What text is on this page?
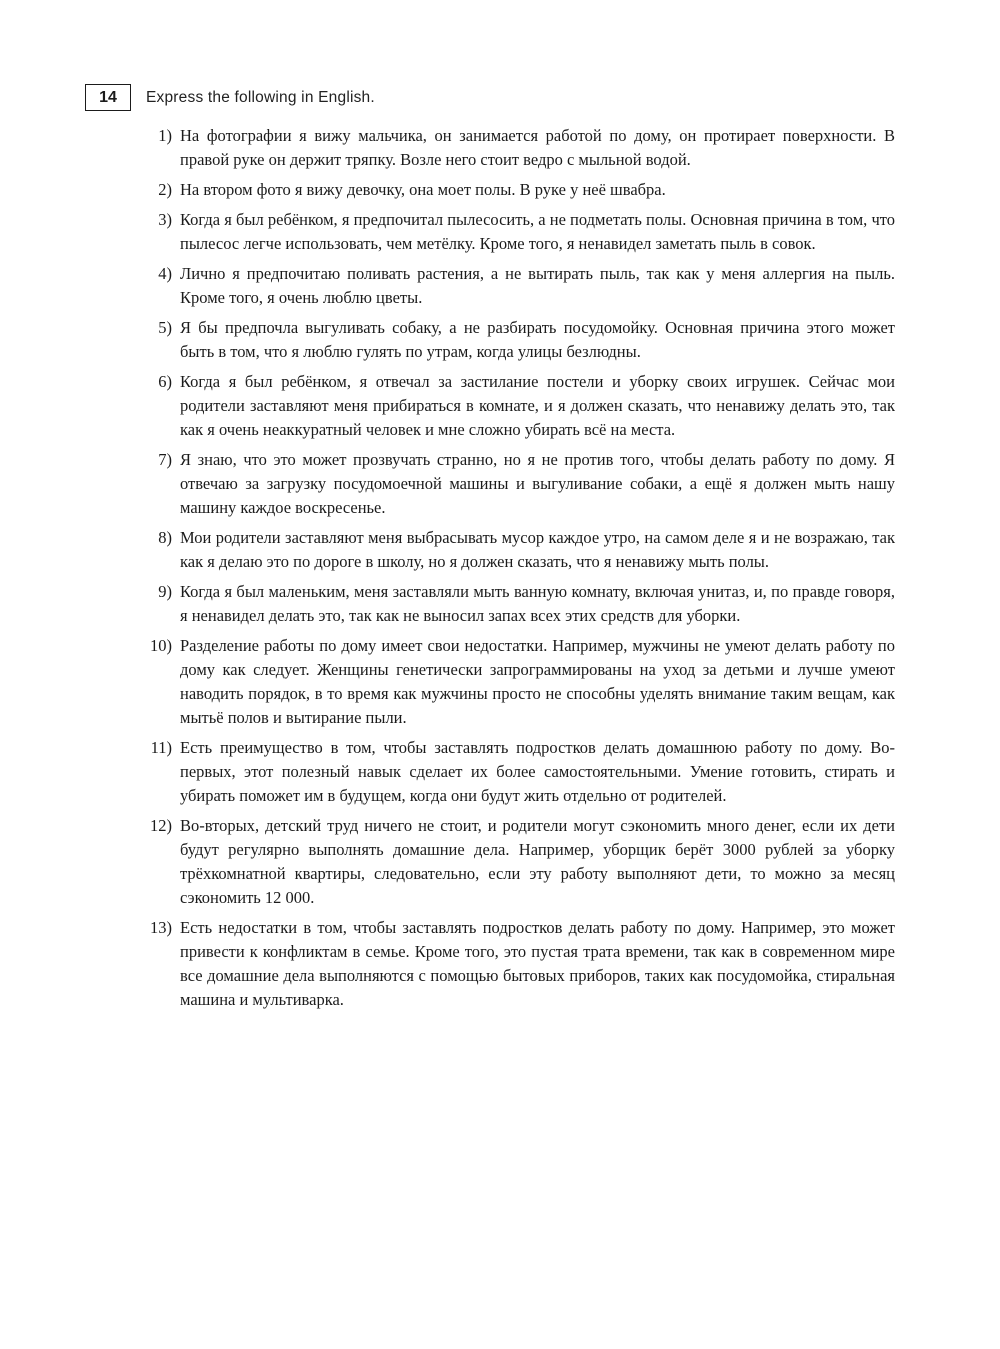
14 Express the following in English.
1) На фотографии я вижу мальчика, он занимается работой по дому, он протирает поверхности. В правой руке он держит тряпку. Возле него стоит ведро с мыльной водой.
2) На втором фото я вижу девочку, она моет полы. В руке у неё швабра.
3) Когда я был ребёнком, я предпочитал пылесосить, а не подметать полы. Основная причина в том, что пылесос легче использовать, чем метёлку. Кроме того, я ненавидел заметать пыль в совок.
4) Лично я предпочитаю поливать растения, а не вытирать пыль, так как у меня аллергия на пыль. Кроме того, я очень люблю цветы.
5) Я бы предпочла выгуливать собаку, а не разбирать посудомойку. Основная причина этого может быть в том, что я люблю гулять по утрам, когда улицы безлюдны.
6) Когда я был ребёнком, я отвечал за застилание постели и уборку своих игрушек. Сейчас мои родители заставляют меня прибираться в комнате, и я должен сказать, что ненавижу делать это, так как я очень неаккуратный человек и мне сложно убирать всё на места.
7) Я знаю, что это может прозвучать странно, но я не против того, чтобы делать работу по дому. Я отвечаю за загрузку посудомоечной машины и выгуливание собаки, а ещё я должен мыть нашу машину каждое воскресенье.
8) Мои родители заставляют меня выбрасывать мусор каждое утро, на самом деле я и не возражаю, так как я делаю это по дороге в школу, но я должен сказать, что я ненавижу мыть полы.
9) Когда я был маленьким, меня заставляли мыть ванную комнату, включая унитаз, и, по правде говоря, я ненавидел делать это, так как не выносил запах всех этих средств для уборки.
10) Разделение работы по дому имеет свои недостатки. Например, мужчины не умеют делать работу по дому как следует. Женщины генетически запрограммированы на уход за детьми и лучше умеют наводить порядок, в то время как мужчины просто не способны уделять внимание таким вещам, как мытьё полов и вытирание пыли.
11) Есть преимущество в том, чтобы заставлять подростков делать домашнюю работу по дому. Во-первых, этот полезный навык сделает их более самостоятельными. Умение готовить, стирать и убирать поможет им в будущем, когда они будут жить отдельно от родителей.
12) Во-вторых, детский труд ничего не стоит, и родители могут сэкономить много денег, если их дети будут регулярно выполнять домашние дела. Например, уборщик берёт 3000 рублей за уборку трёхкомнатной квартиры, следовательно, если эту работу выполняют дети, то можно за месяц сэкономить 12 000.
13) Есть недостатки в том, чтобы заставлять подростков делать работу по дому. Например, это может привести к конфликтам в семье. Кроме того, это пустая трата времени, так как в современном мире все домашние дела выполняются с помощью бытовых приборов, таких как посудомойка, стиральная машина и мультиварка.
